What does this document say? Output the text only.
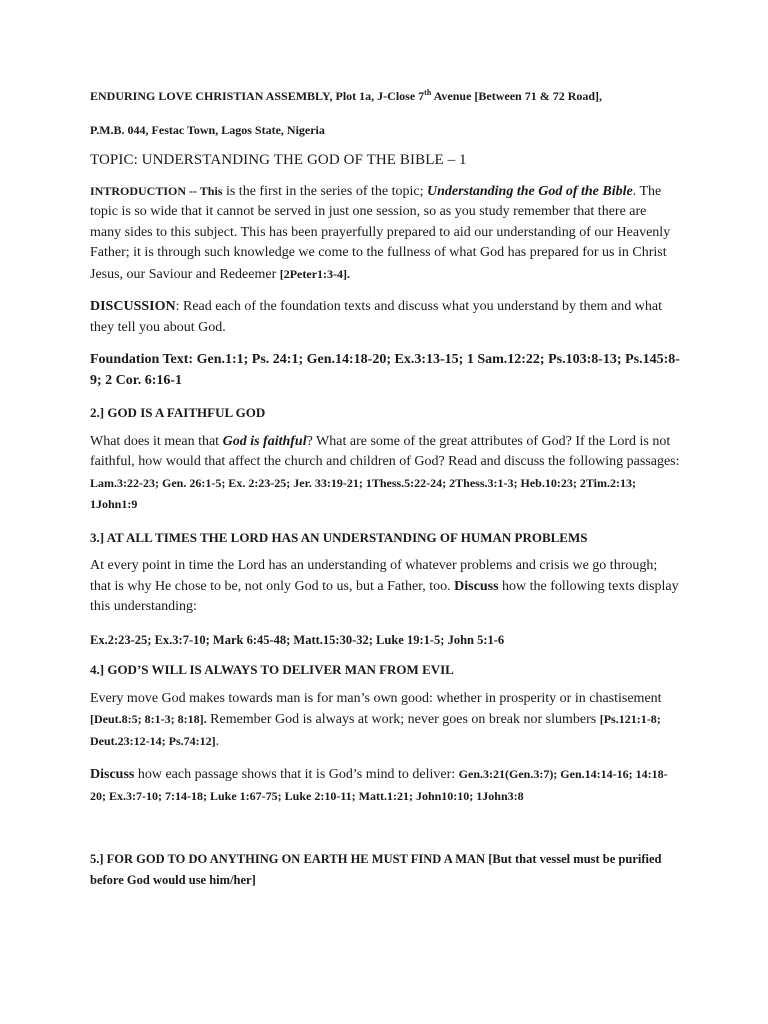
ENDURING LOVE CHRISTIAN ASSEMBLY, Plot 1a, J-Close 7th Avenue [Between 71 & 72 Road],

P.M.B. 044, Festac Town, Lagos State, Nigeria

TOPIC: UNDERSTANDING THE GOD OF THE BIBLE – 1

INTRODUCTION -- This is the first in the series of the topic; Understanding the God of the Bible. The topic is so wide that it cannot be served in just one session, so as you study remember that there are many sides to this subject. This has been prayerfully prepared to aid our understanding of our Heavenly Father; it is through such knowledge we come to the fullness of what God has prepared for us in Christ Jesus, our Saviour and Redeemer [2Peter1:3-4].

DISCUSSION: Read each of the foundation texts and discuss what you understand by them and what they tell you about God.

Foundation Text: Gen.1:1; Ps. 24:1; Gen.14:18-20; Ex.3:13-15; 1 Sam.12:22; Ps.103:8-13; Ps.145:8-9; 2 Cor. 6:16-1

2.] GOD IS A FAITHFUL GOD

What does it mean that God is faithful? What are some of the great attributes of God? If the Lord is not faithful, how would that affect the church and children of God? Read and discuss the following passages: Lam.3:22-23; Gen. 26:1-5; Ex. 2:23-25; Jer. 33:19-21; 1Thess.5:22-24; 2Thess.3:1-3; Heb.10:23; 2Tim.2:13; 1John1:9

3.] AT ALL TIMES THE LORD HAS AN UNDERSTANDING OF HUMAN PROBLEMS

At every point in time the Lord has an understanding of whatever problems and crisis we go through; that is why He chose to be, not only God to us, but a Father, too. Discuss how the following texts display this understanding:

Ex.2:23-25; Ex.3:7-10; Mark 6:45-48; Matt.15:30-32; Luke 19:1-5; John 5:1-6

4.] GOD’S WILL IS ALWAYS TO DELIVER MAN FROM EVIL

Every move God makes towards man is for man’s own good: whether in prosperity or in chastisement [Deut.8:5; 8:1-3; 8:18]. Remember God is always at work; never goes on break nor slumbers [Ps.121:1-8; Deut.23:12-14; Ps.74:12].

Discuss how each passage shows that it is God’s mind to deliver: Gen.3:21(Gen.3:7); Gen.14:14-16; 14:18-20; Ex.3:7-10; 7:14-18; Luke 1:67-75; Luke 2:10-11; Matt.1:21; John10:10; 1John3:8

5.] FOR GOD TO DO ANYTHING ON EARTH HE MUST FIND A MAN [But that vessel must be purified before God would use him/her]
